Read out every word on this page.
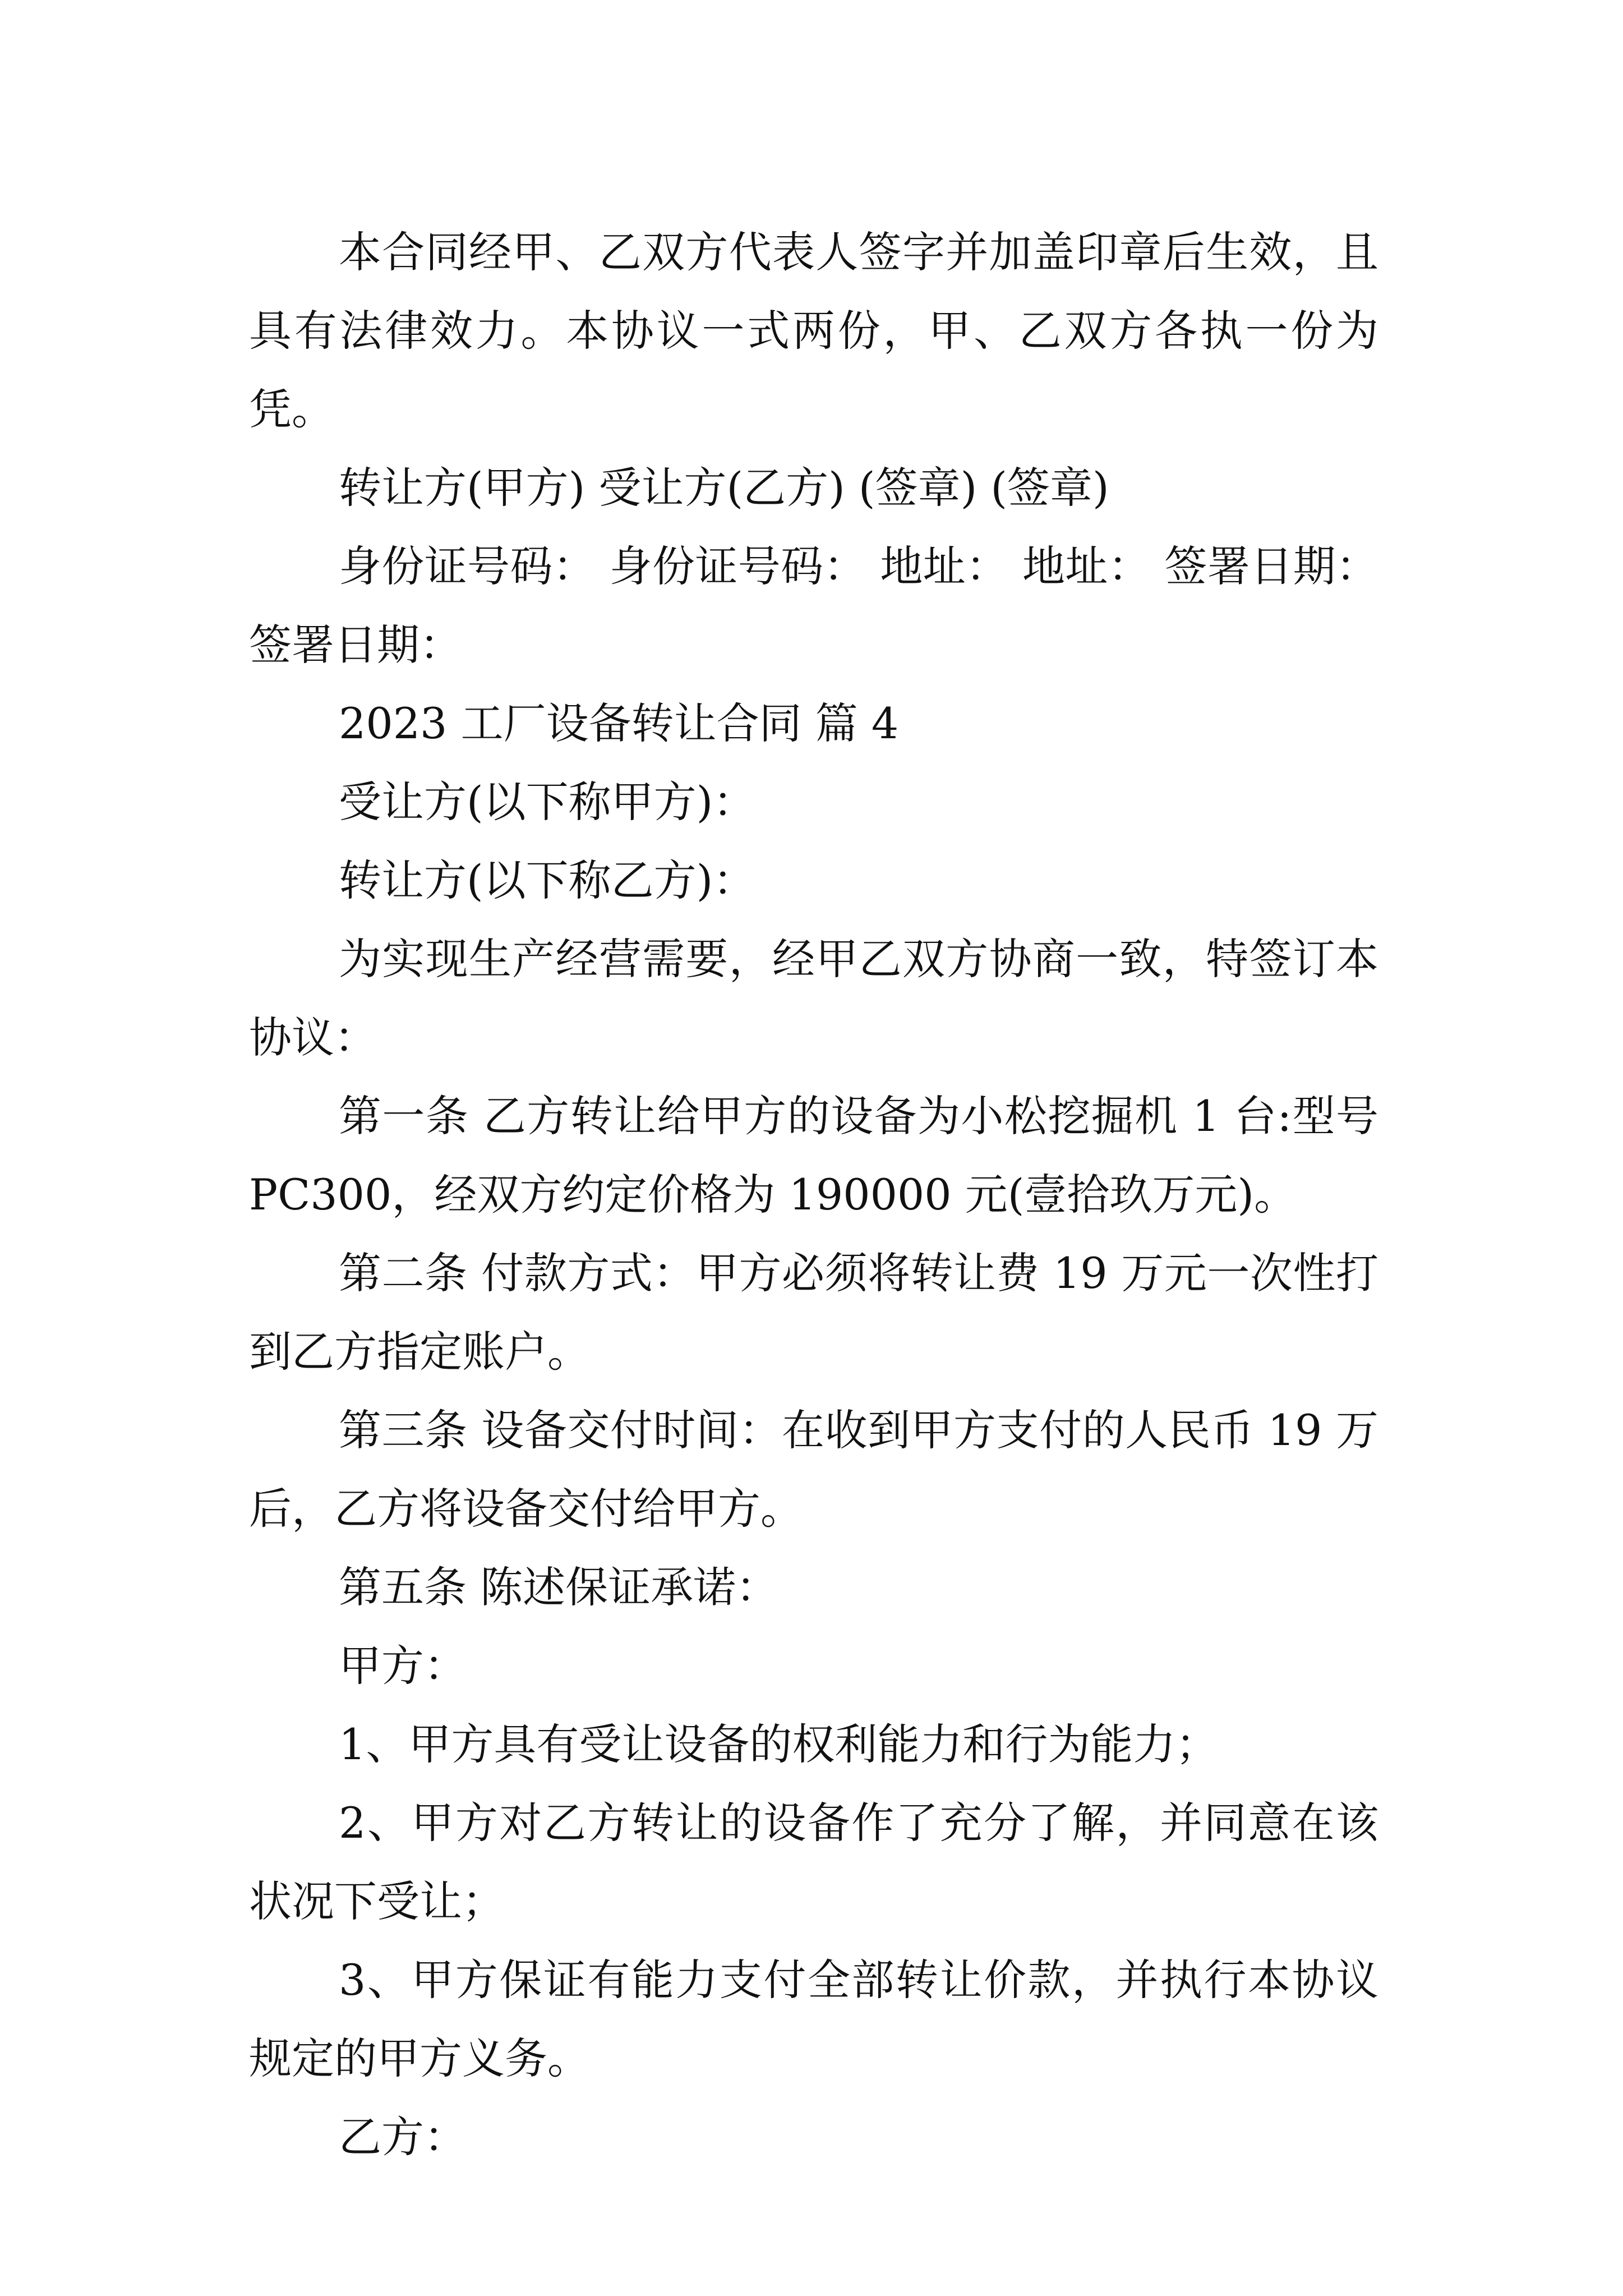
本合同经甲、乙双方代表人签字并加盖印章后生效，且具有法律效力。本协议一式两份，甲、乙双方各执一份为凭。

转让方(甲方) 受让方(乙方) (签章) (签章)

身份证号码： 身份证号码： 地址： 地址： 签署日期：签署日期：

2023 工厂设备转让合同 篇 4

受让方(以下称甲方)：

转让方(以下称乙方)：

为实现生产经营需要，经甲乙双方协商一致，特签订本协议：

第一条 乙方转让给甲方的设备为小松挖掘机 1 台:型号 PC300，经双方约定价格为 190000 元(壹拾玖万元)。

第二条 付款方式：甲方必须将转让费 19 万元一次性打到乙方指定账户。

第三条 设备交付时间：在收到甲方支付的人民币 19 万后，乙方将设备交付给甲方。

第五条 陈述保证承诺：

甲方：

1、甲方具有受让设备的权利能力和行为能力；

2、甲方对乙方转让的设备作了充分了解，并同意在该状况下受让；

3、甲方保证有能力支付全部转让价款，并执行本协议规定的甲方义务。

乙方：
